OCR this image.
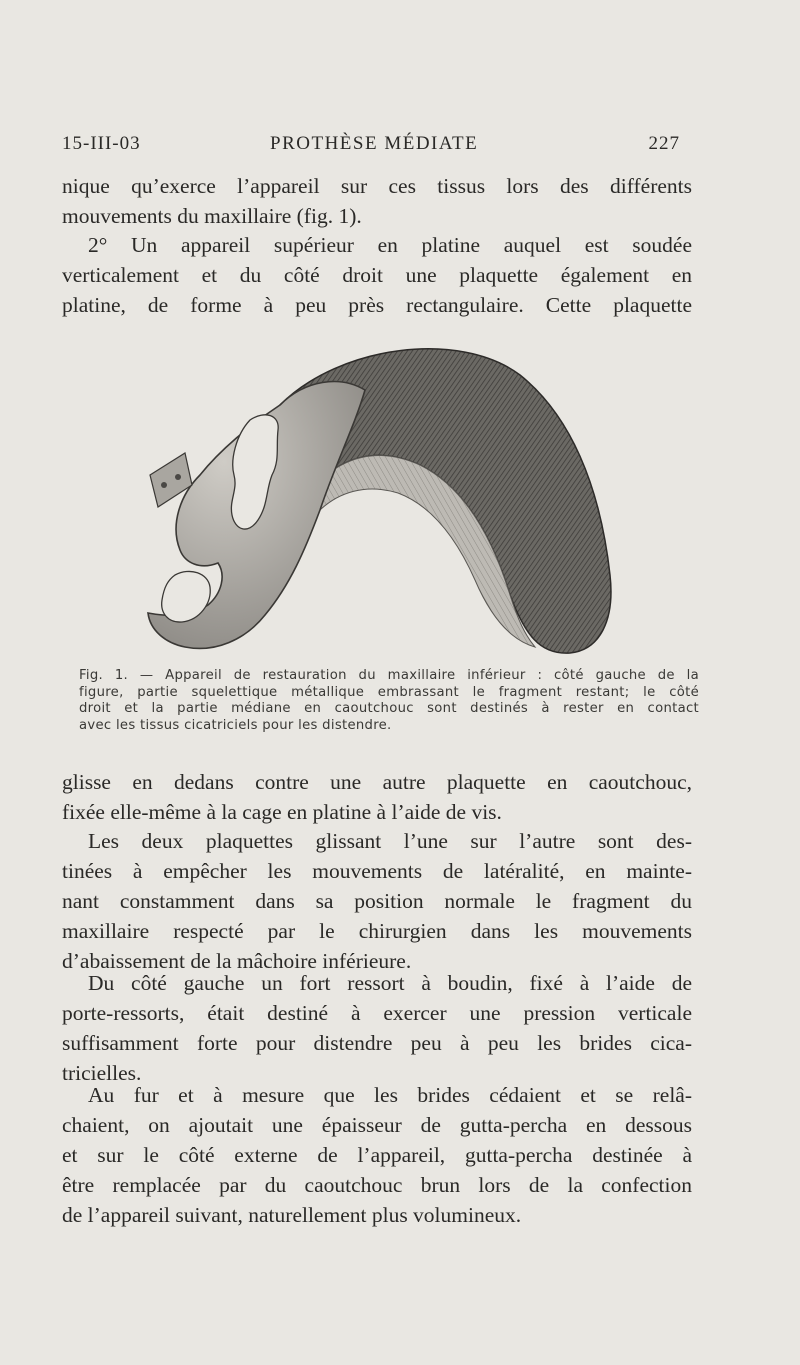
15-III-03	PROTHÈSE MÉDIATE	227

nique qu’exerce l’appareil sur ces tissus lors des différents
mouvements du maxillaire (fig. 1).

2° Un appareil supérieur en platine auquel est soudée
verticalement et du côté droit une plaquette également en
platine, de forme à peu près rectangulaire. Cette plaquette

Fig. 1. — Appareil de restauration du maxillaire inférieur : côté gauche de la
figure, partie squelettique métallique embrassant le fragment restant; le côté
droit et la partie médiane en caoutchouc sont destinés à rester en contact
avec les tissus cicatriciels pour les distendre.

glisse en dedans contre une autre plaquette en caoutchouc,
fixée elle-même à la cage en platine à l’aide de vis.

Les deux plaquettes glissant l’une sur l’autre sont des-
tinées à empêcher les mouvements de latéralité, en mainte-
nant constamment dans sa position normale le fragment du
maxillaire respecté par le chirurgien dans les mouvements
d’abaissement de la mâchoire inférieure.

Du côté gauche un fort ressort à boudin, fixé à l’aide de
porte-ressorts, était destiné à exercer une pression verticale
suffisamment forte pour distendre peu à peu les brides cica-
tricielles.

Au fur et à mesure que les brides cédaient et se relâ-
chaient, on ajoutait une épaisseur de gutta-percha en dessous
et sur le côté externe de l’appareil, gutta-percha destinée à
être remplacée par du caoutchouc brun lors de la confection
de l’appareil suivant, naturellement plus volumineux.
